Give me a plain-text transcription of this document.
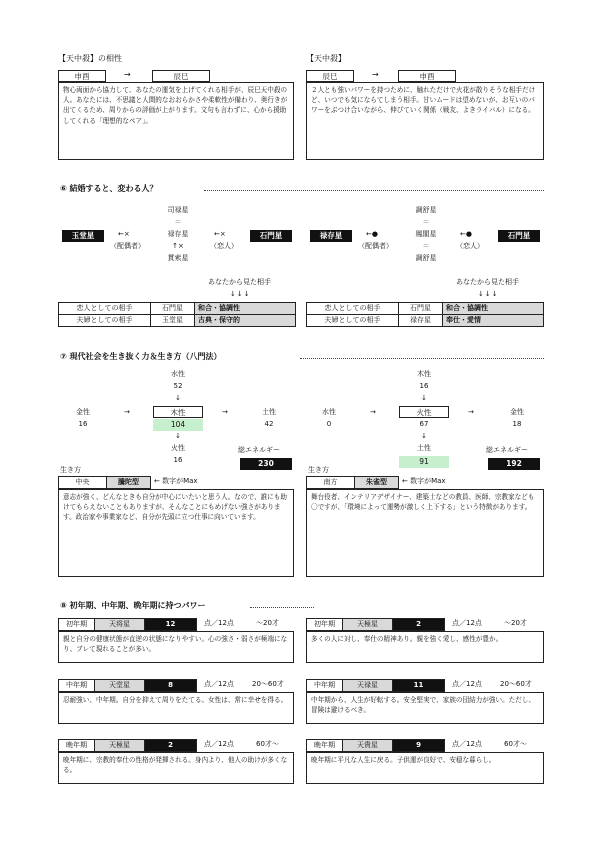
【天中殺】の相性
申酉	→	辰巳
物心両面から協力して、あなたの運気を上げてくれる相手が、辰巳天中殺の人。あなたには、不思議と人間的なおおらかさや柔軟性が備わり、奥行きが出てくるため、周りからの評価が上がります。文句も言わずに、心から援助してくれる「理想的なペア」。
【天中殺】
辰巳	→	申酉
２人とも強いパワーを持つために、触れただけで火花が散りそうな相手だけど、いつでも気にならてしまう相手。甘いムードは望めないが、お互いのパワーをぶつけ合いながら、伸びていく関係（戦友、よきライバル）になる。
⑥ 結婚すると、変わる人？
司禄星
＝
禄存星
↑×
貫索星
玉堂星	←×
（配偶者）
←×
（恋人）
石門星
あなたから見た相手
↓↓↓
恋人としての相手	石門星	和合・協調性
夫婦としての相手	玉堂星	古典・保守的
調舒星
＝
鳳閣星
＝
調舒星
禄存星	←●
（配偶者）
←●
（恋人）
石門星
あなたから見た相手
↓↓↓
恋人としての相手	石門星	和合・協調性
夫婦としての相手	禄存星	奉仕・愛情
⑦ 現代社会を生き抜く力＆生き方（八門法）
水性
52
↓
金性
16
→	木性
104
→	土性
42
↓
火性
16
総エネルギー
230
生き方
中央	騰陀型 ← 数字がMax
意志が強く、どんなときも自分が中心にいたいと思う人。なので、誰にも助けてもらえないこともありますが、そんなことにもめげない強さがあります。政治家や事業家など、自分が先頭に立つ仕事に向いています。
木性
16
↓
水性
0
→	火性
67
→	金性
18
↓
土性
91
総エネルギー
192
生き方
南方	朱雀型 ← 数字がMax
舞台役者、インテリアデザイナー、建築士などの教員、医師、宗教家なども〇ですが、「環境によって運勢が激しく上下する」という特徴があります。
⑧ 初年期、中年期、晩年期に持つパワー
初年期	天将星	12	点／12点	〜20才
親と自分の健康状態が直逆の状態になりやすい。心の強さ・弱さが極端になり、ブレて現れることが多い。
中年期	天堂星	8	点／12点	20〜60才
忍耐強い、中年期。自分を抑えて周りをたてる。女性は、常に幸せを得る。
晩年期	天極星	2	点／12点	60才〜
晩年期に、宗教的奉仕の性格が発揮される。身内より、他人の助けが多くなる。
初年期	天極星	2	点／12点	〜20才
多くの人に対し、奉仕の精神あり。親を強く愛し、感性が豊か。
中年期	天禄星	11	点／12点	20〜60才
中年期から、人生が好転する。安全堅実で、家族の団結力が強い。ただし、冒険は避けるべき。
晩年期	天貴星	9	点／12点	60才〜
晩年期に平凡な人生に戻る。子供運が良好で、安穏な暮らし。
